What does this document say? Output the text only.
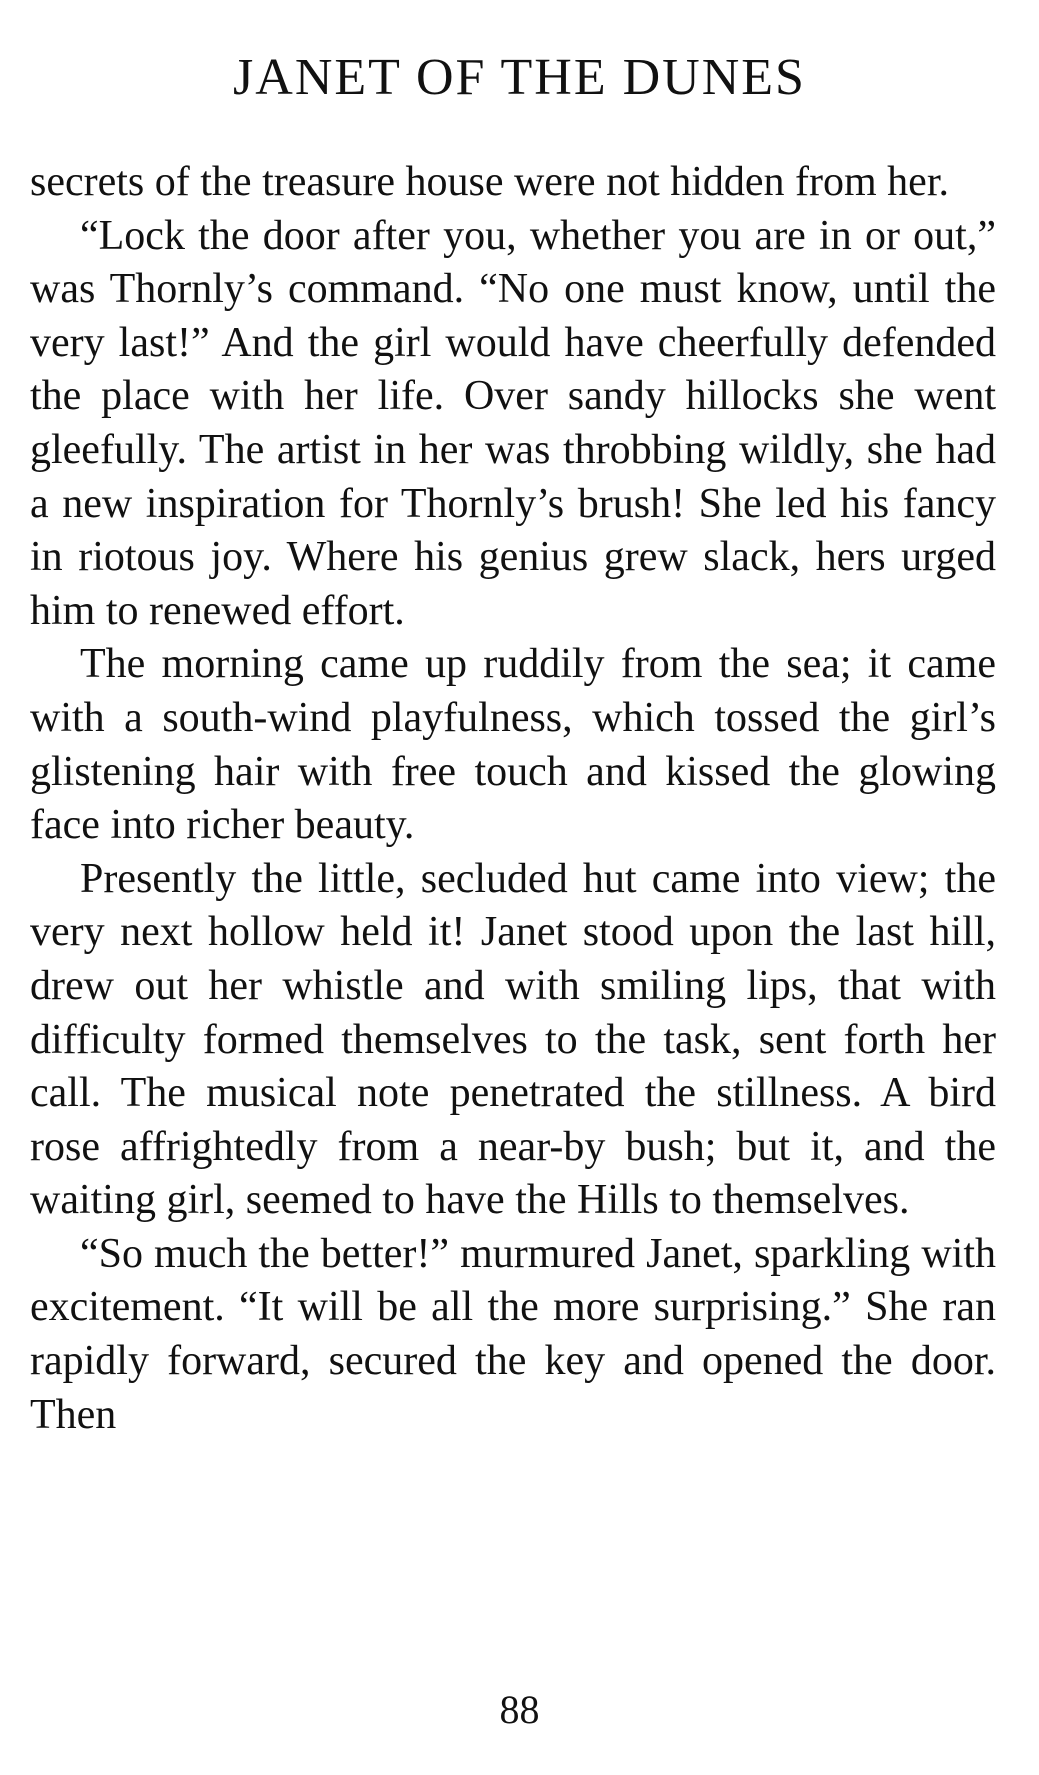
JANET OF THE DUNES

secrets of the treasure house were not hidden from her.

“Lock the door after you, whether you are in or out,” was Thornly’s command. “No one must know, until the very last!” And the girl would have cheerfully defended the place with her life. Over sandy hillocks she went gleefully. The artist in her was throbbing wildly, she had a new inspiration for Thornly’s brush! She led his fancy in riotous joy. Where his genius grew slack, hers urged him to renewed effort.

The morning came up ruddily from the sea; it came with a south-wind playfulness, which tossed the girl’s glistening hair with free touch and kissed the glowing face into richer beauty.

Presently the little, secluded hut came into view; the very next hollow held it! Janet stood upon the last hill, drew out her whistle and with smiling lips, that with difficulty formed themselves to the task, sent forth her call. The musical note penetrated the stillness. A bird rose affrightedly from a near-by bush; but it, and the waiting girl, seemed to have the Hills to themselves.

“So much the better!” murmured Janet, sparkling with excitement. “It will be all the more surprising.” She ran rapidly forward, secured the key and opened the door. Then

88
